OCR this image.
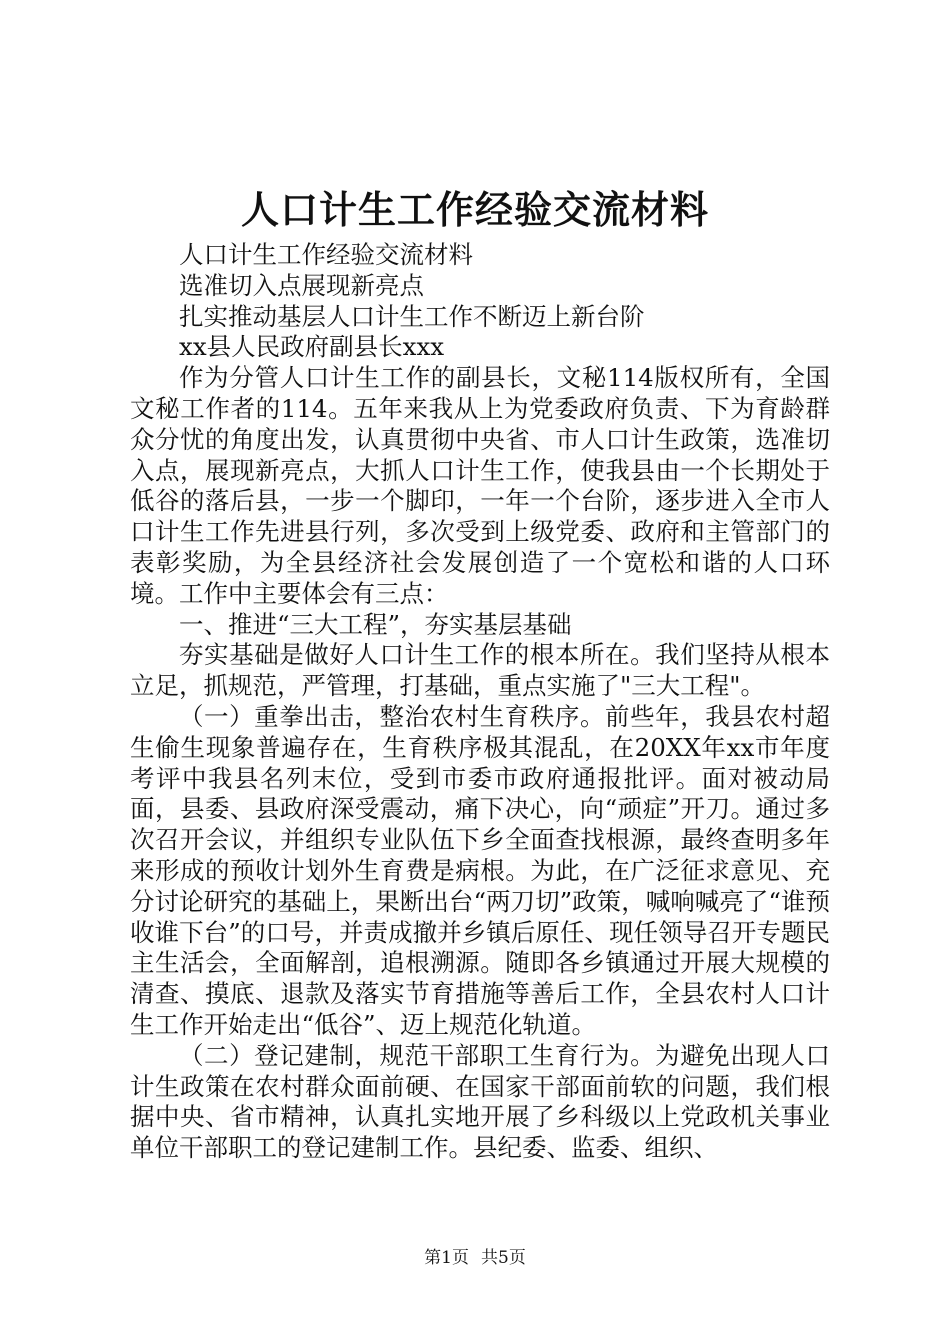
人口计生工作经验交流材料

人口计生工作经验交流材料

选准切入点展现新亮点

扎实推动基层人口计生工作不断迈上新台阶

xx县人民政府副县长xxx

作为分管人口计生工作的副县长，文秘114版权所有，全国文秘工作者的114。五年来我从上为党委政府负责、下为育龄群众分忧的角度出发，认真贯彻中央省、市人口计生政策，选准切入点，展现新亮点，大抓人口计生工作，使我县由一个长期处于低谷的落后县，一步一个脚印，一年一个台阶，逐步进入全市人口计生工作先进县行列，多次受到上级党委、政府和主管部门的表彰奖励，为全县经济社会发展创造了一个宽松和谐的人口环境。工作中主要体会有三点：

一、推进“三大工程”，夯实基层基础

夯实基础是做好人口计生工作的根本所在。我们坚持从根本立足，抓规范，严管理，打基础，重点实施了"三大工程"。

（一）重拳出击，整治农村生育秩序。前些年，我县农村超生偷生现象普遍存在，生育秩序极其混乱，在20XX年xx市年度考评中我县名列末位，受到市委市政府通报批评。面对被动局面，县委、县政府深受震动，痛下决心，向“顽症”开刀。通过多次召开会议，并组织专业队伍下乡全面查找根源，最终查明多年来形成的预收计划外生育费是病根。为此，在广泛征求意见、充分讨论研究的基础上，果断出台“两刀切”政策，喊响喊亮了“谁预收谁下台”的口号，并责成撤并乡镇后原任、现任领导召开专题民主生活会，全面解剖，追根溯源。随即各乡镇通过开展大规模的清查、摸底、退款及落实节育措施等善后工作，全县农村人口计生工作开始走出“低谷”、迈上规范化轨道。

（二）登记建制，规范干部职工生育行为。为避免出现人口计生政策在农村群众面前硬、在国家干部面前软的问题，我们根据中央、省市精神，认真扎实地开展了乡科级以上党政机关事业单位干部职工的登记建制工作。县纪委、监委、组织、

第1页 共5页
